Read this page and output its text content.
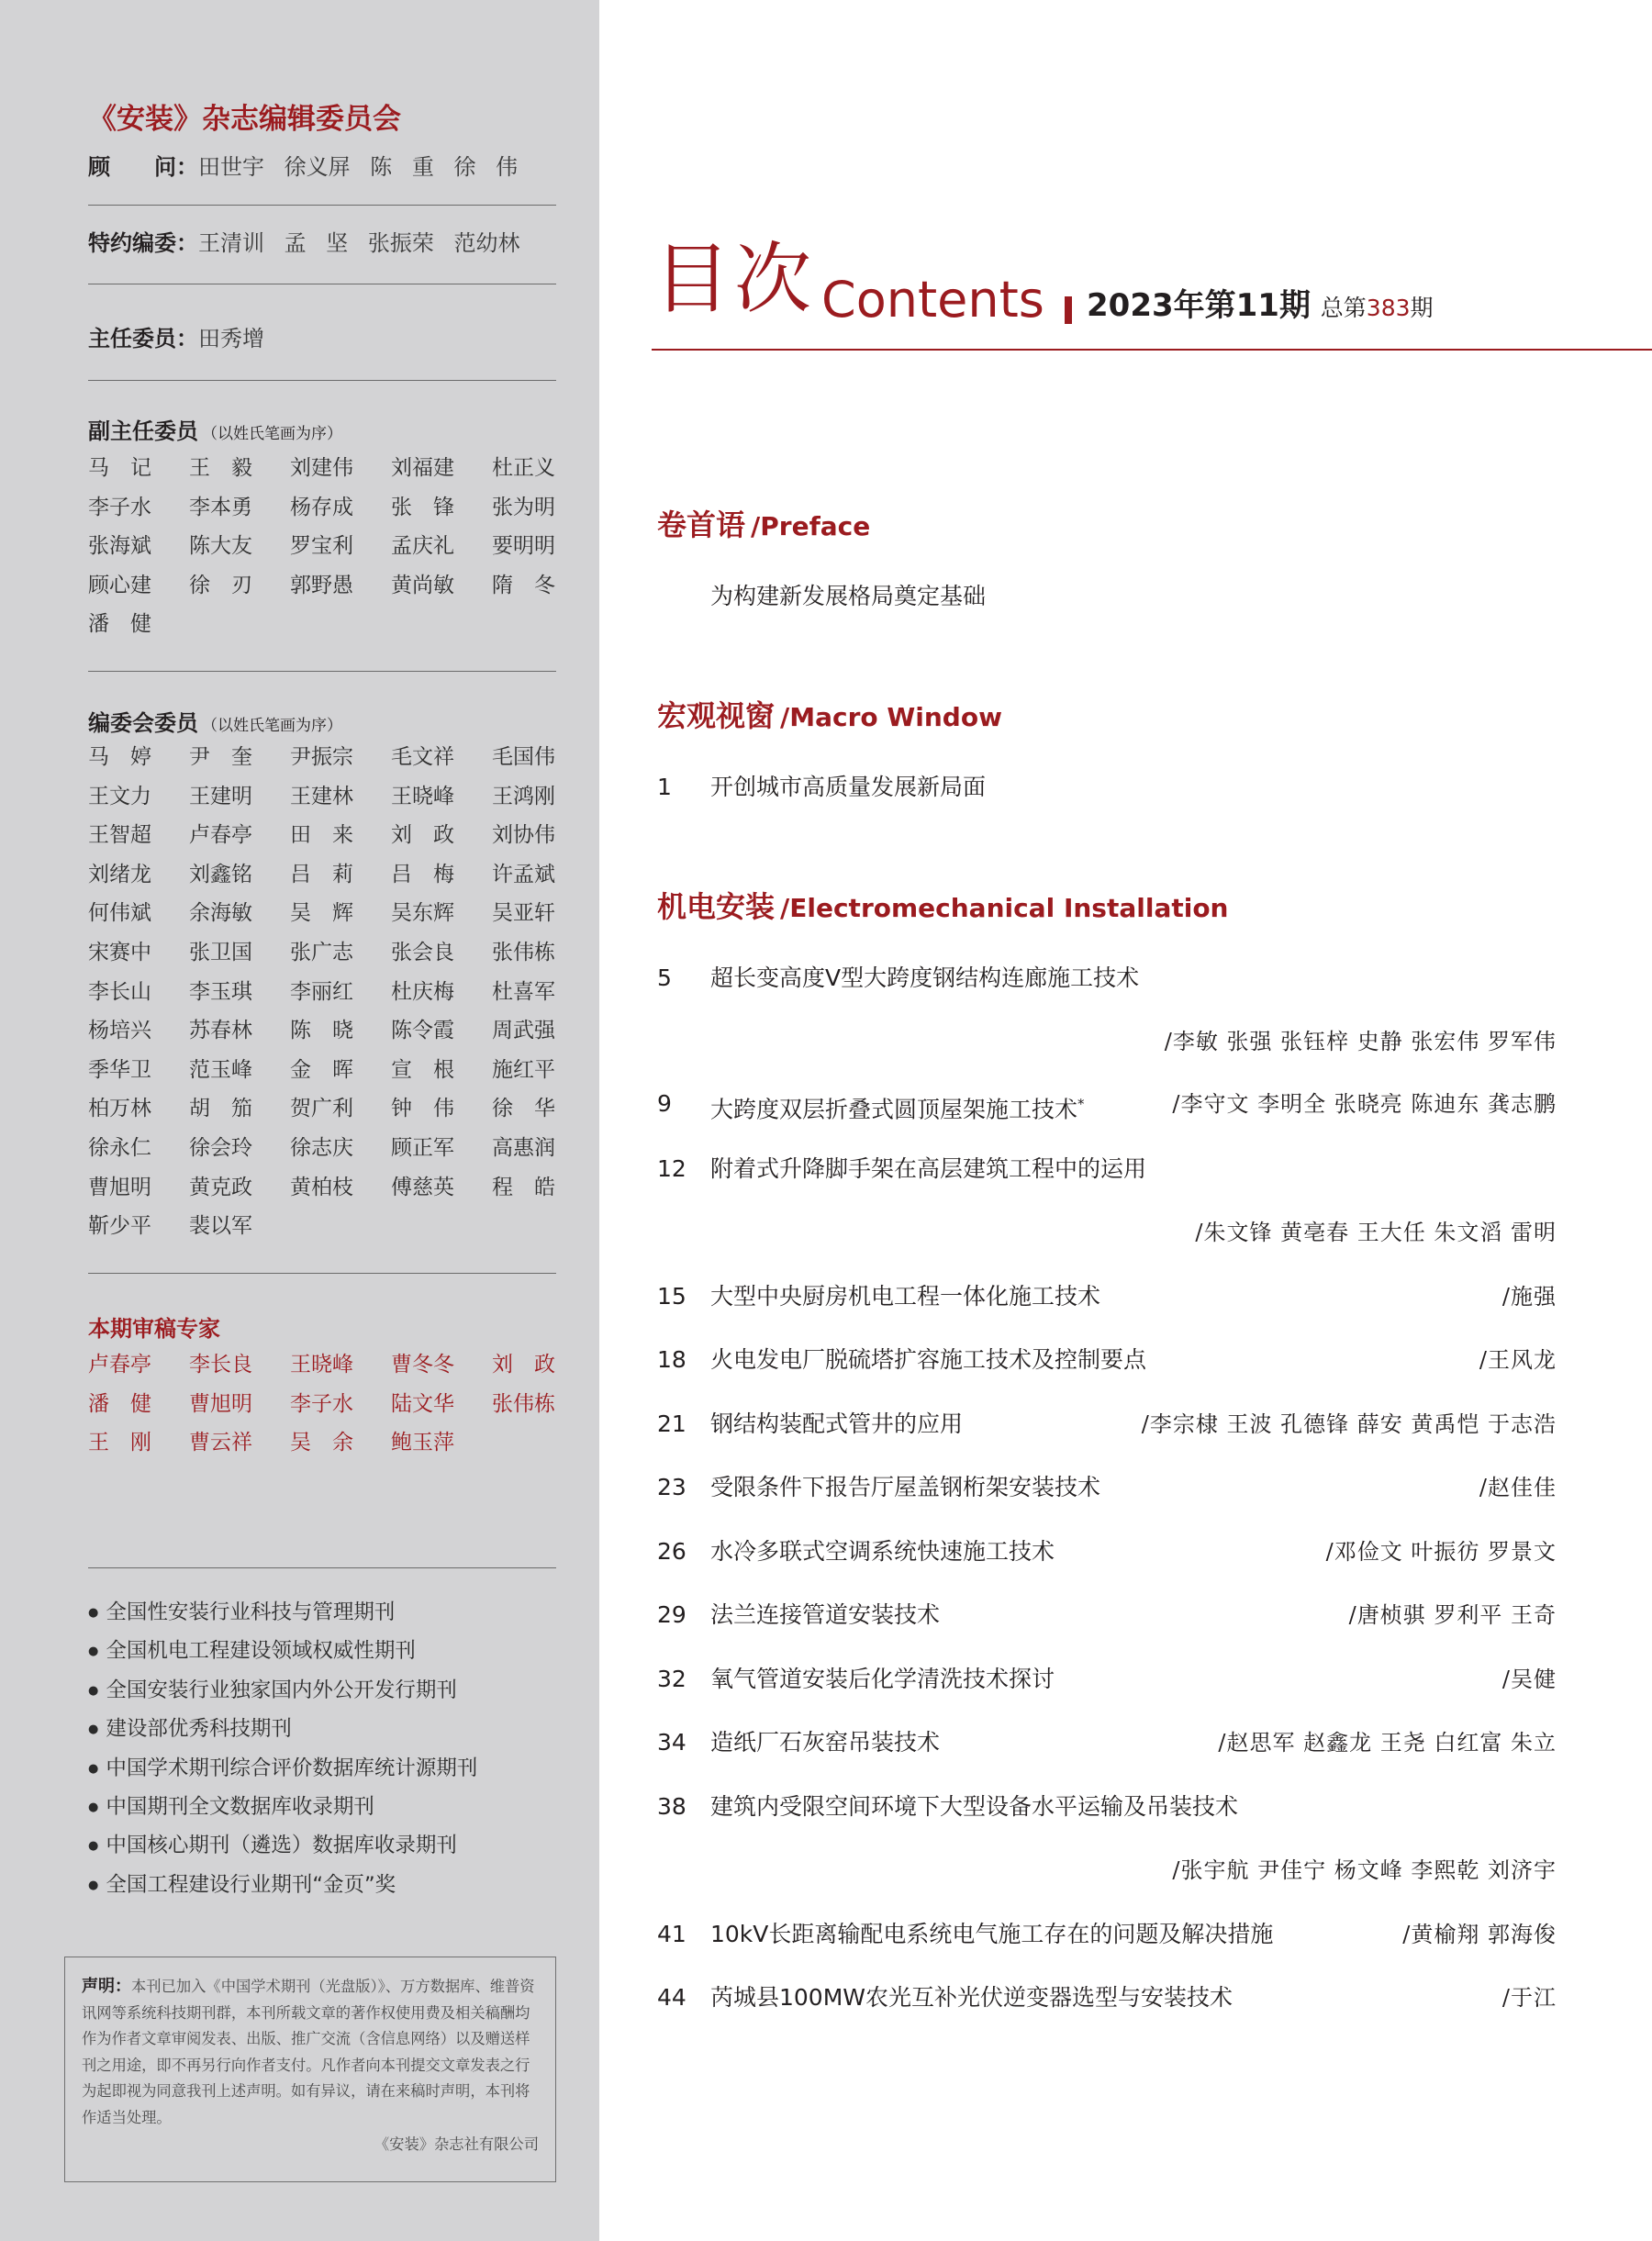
《安装》杂志编辑委员会
顾　　问： 田世宇 徐义屏 陈 重 徐 伟
特约编委： 王清训 孟 坚 张振荣 范幼林
主任委员： 田秀增
副主任委员 （以姓氏笔画为序）
马　记	王　毅	刘建伟	刘福建	杜正义
李子水	李本勇	杨存成	张　锋	张为明
张海斌	陈大友	罗宝利	孟庆礼	要明明
顾心建	徐　刃	郭野愚	黄尚敏	隋　冬
潘　健
编委会委员 （以姓氏笔画为序）
马　婷	尹　奎	尹振宗	毛文祥	毛国伟
王文力	王建明	王建林	王晓峰	王鸿刚
王智超	卢春亭	田　来	刘　政	刘协伟
刘绪龙	刘鑫铭	吕　莉	吕　梅	许孟斌
何伟斌	余海敏	吴　辉	吴东辉	吴亚轩
宋赛中	张卫国	张广志	张会良	张伟栋
李长山	李玉琪	李丽红	杜庆梅	杜喜军
杨培兴	苏春林	陈　晓	陈令霞	周武强
季华卫	范玉峰	金　晖	宣　根	施红平
柏万林	胡　笳	贺广利	钟　伟	徐　华
徐永仁	徐会玲	徐志庆	顾正军	高惠润
曹旭明	黄克政	黄柏枝	傅慈英	程　皓
靳少平	裴以军
本期审稿专家
卢春亭	李长良	王晓峰	曹冬冬	刘　政
潘　健	曹旭明	李子水	陆文华	张伟栋
王　刚	曹云祥	吴　余	鲍玉萍
● 全国性安装行业科技与管理期刊
● 全国机电工程建设领域权威性期刊
● 全国安装行业独家国内外公开发行期刊
● 建设部优秀科技期刊
● 中国学术期刊综合评价数据库统计源期刊
● 中国期刊全文数据库收录期刊
● 中国核心期刊（遴选）数据库收录期刊
● 全国工程建设行业期刊“金页”奖
声明：本刊已加入《中国学术期刊（光盘版）》、万方数据库、维普资讯网等系统科技期刊群，本刊所载文章的著作权使用费及相关稿酬均作为作者文章审阅发表、出版、推广交流（含信息网络）以及赠送样刊之用途，即不再另行向作者支付。凡作者向本刊提交文章发表之行为起即视为同意我刊上述声明。如有异议，请在来稿时声明，本刊将作适当处理。
《安装》杂志社有限公司
目次 Contents 2023年第11期 总第383期
卷首语 /Preface
宏观视窗 /Macro Window
机电安装 /Electromechanical Installation
为构建新发展格局奠定基础
1	开创城市高质量发展新局面
5	超长变高度V型大跨度钢结构连廊施工技术
/李敏 张强 张钰梓 史静 张宏伟 罗军伟
9	大跨度双层折叠式圆顶屋架施工技术*	/李守文 李明全 张晓亮 陈迪东 龚志鹏
12	附着式升降脚手架在高层建筑工程中的运用
/朱文锋 黄亳春 王大任 朱文滔 雷明
15	大型中央厨房机电工程一体化施工技术	/施强
18	火电发电厂脱硫塔扩容施工技术及控制要点	/王风龙
21	钢结构装配式管井的应用	/李宗棣 王波 孔德锋 薛安 黄禹恺 于志浩
23	受限条件下报告厅屋盖钢桁架安装技术	/赵佳佳
26	水冷多联式空调系统快速施工技术	/邓俭文 叶振彷 罗景文
29	法兰连接管道安装技术	/唐桢骐 罗利平 王奇
32	氧气管道安装后化学清洗技术探讨	/吴健
34	造纸厂石灰窑吊装技术	/赵思军 赵鑫龙 王尧 白红富 朱立
38	建筑内受限空间环境下大型设备水平运输及吊装技术
/张宇航 尹佳宁 杨文峰 李熙乾 刘济宇
41	10kV长距离输配电系统电气施工存在的问题及解决措施	/黄榆翔 郭海俊
44	芮城县100MW农光互补光伏逆变器选型与安装技术	/于江
